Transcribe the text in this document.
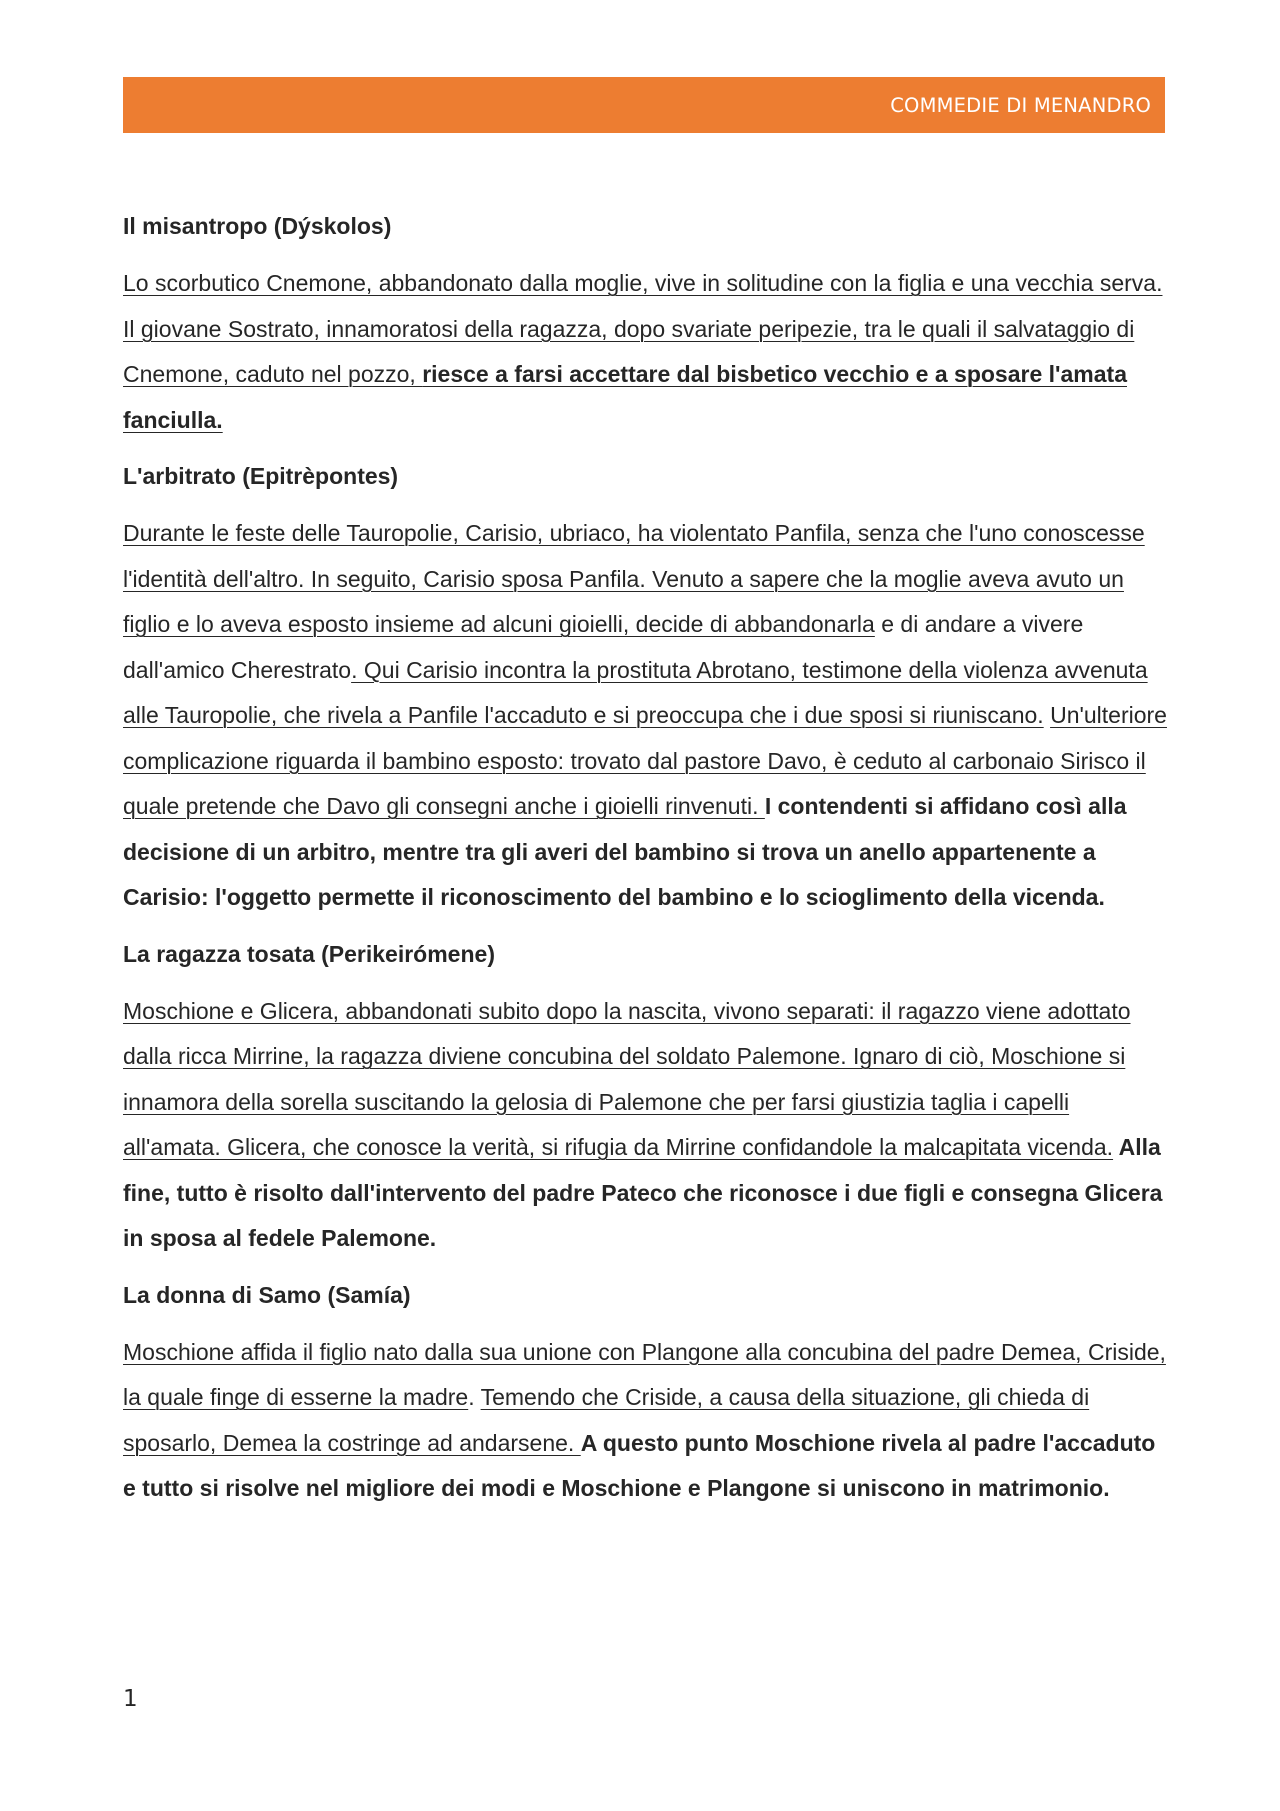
COMMEDIE DI MENANDRO
Il misantropo (Dýskolos)

Lo scorbutico Cnemone, abbandonato dalla moglie, vive in solitudine con la figlia e una vecchia serva. Il giovane Sostrato, innamoratosi della ragazza, dopo svariate peripezie, tra le quali il salvataggio di Cnemone, caduto nel pozzo, riesce a farsi accettare dal bisbetico vecchio e a sposare l'amata fanciulla.

L'arbitrato (Epitrèpontes)

Durante le feste delle Tauropolie, Carisio, ubriaco, ha violentato Panfila, senza che l'uno conoscesse l'identità dell'altro. In seguito, Carisio sposa Panfila. Venuto a sapere che la moglie aveva avuto un figlio e lo aveva esposto insieme ad alcuni gioielli, decide di abbandonarla e di andare a vivere dall'amico Cherestrato. Qui Carisio incontra la prostituta Abrotano, testimone della violenza avvenuta alle Tauropolie, che rivela a Panfile l'accaduto e si preoccupa che i due sposi si riuniscano. Un'ulteriore complicazione riguarda il bambino esposto: trovato dal pastore Davo, è ceduto al carbonaio Sirisco il quale pretende che Davo gli consegni anche i gioielli rinvenuti. I contendenti si affidano così alla decisione di un arbitro, mentre tra gli averi del bambino si trova un anello appartenente a Carisio: l'oggetto permette il riconoscimento del bambino e lo scioglimento della vicenda.

La ragazza tosata (Perikeirómene)

Moschione e Glicera, abbandonati subito dopo la nascita, vivono separati: il ragazzo viene adottato dalla ricca Mirrine, la ragazza diviene concubina del soldato Palemone. Ignaro di ciò, Moschione si innamora della sorella suscitando la gelosia di Palemone che per farsi giustizia taglia i capelli all'amata. Glicera, che conosce la verità, si rifugia da Mirrine confidandole la malcapitata vicenda. Alla fine, tutto è risolto dall'intervento del padre Pateco che riconosce i due figli e consegna Glicera in sposa al fedele Palemone.

La donna di Samo (Samía)

Moschione affida il figlio nato dalla sua unione con Plangone alla concubina del padre Demea, Criside, la quale finge di esserne la madre. Temendo che Criside, a causa della situazione, gli chieda di sposarlo, Demea la costringe ad andarsene. A questo punto Moschione rivela al padre l'accaduto e tutto si risolve nel migliore dei modi e Moschione e Plangone si uniscono in matrimonio.

1
